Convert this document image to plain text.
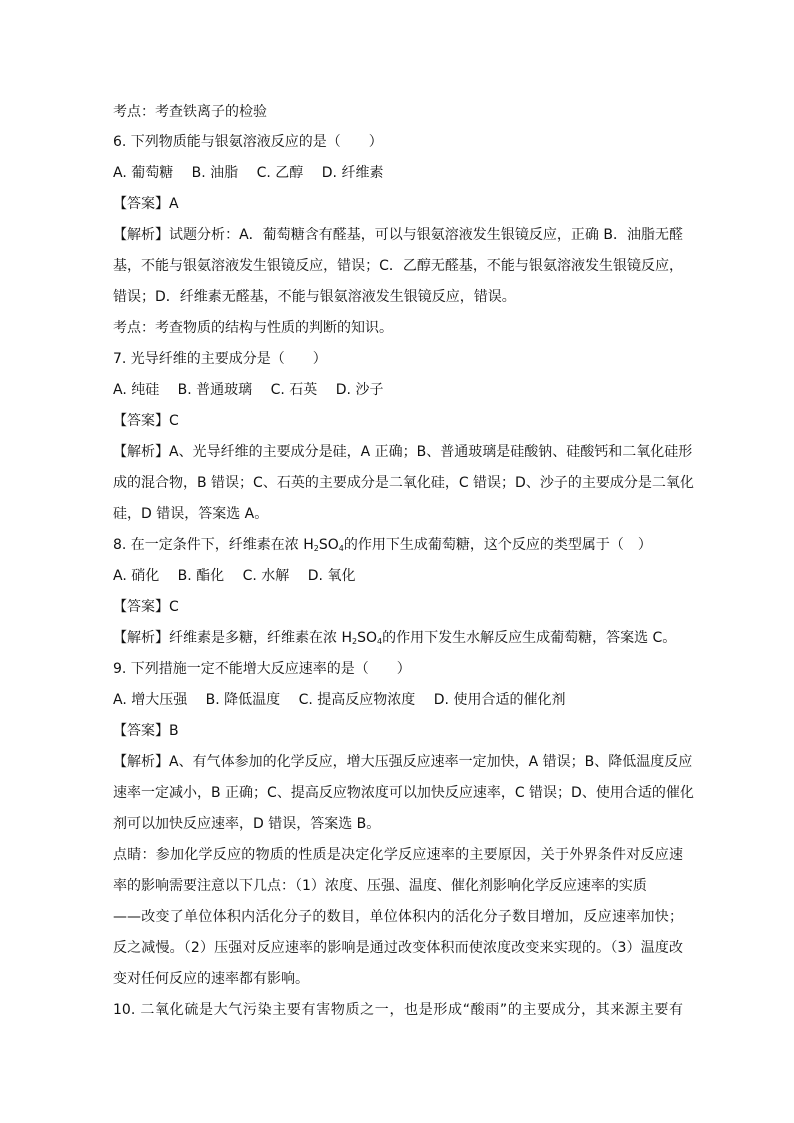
考点：考查铁离子的检验
6. 下列物质能与银氨溶液反应的是（　　）
A. 葡萄糖　 B. 油脂　 C. 乙醇　 D. 纤维素
【答案】A
【解析】试题分析：A．葡萄糖含有醛基，可以与银氨溶液发生银镜反应，正确 B．油脂无醛
基，不能与银氨溶液发生银镜反应，错误；C．乙醇无醛基，不能与银氨溶液发生银镜反应，
错误；D．纤维素无醛基，不能与银氨溶液发生银镜反应，错误。
考点：考查物质的结构与性质的判断的知识。
7. 光导纤维的主要成分是（　　）
A. 纯硅　 B. 普通玻璃　 C. 石英　 D. 沙子
【答案】C
【解析】A、光导纤维的主要成分是硅，A 正确；B、普通玻璃是硅酸钠、硅酸钙和二氧化硅形
成的混合物，B 错误；C、石英的主要成分是二氧化硅，C 错误；D、沙子的主要成分是二氧化
硅，D 错误，答案选 A。
8. 在一定条件下，纤维素在浓 $H_2SO_4$的作用下生成葡萄糖，这个反应的类型属于（　）
A. 硝化　 B. 酯化　 C. 水解　 D. 氧化
【答案】C
【解析】纤维素是多糖，纤维素在浓 $H_2SO_4$的作用下发生水解反应生成葡萄糖，答案选 C。
9. 下列措施一定不能增大反应速率的是（　　）
A. 增大压强　 B. 降低温度　 C. 提高反应物浓度　 D. 使用合适的催化剂
【答案】B
【解析】A、有气体参加的化学反应，增大压强反应速率一定加快，A 错误；B、降低温度反应
速率一定减小，B 正确；C、提高反应物浓度可以加快反应速率，C 错误；D、使用合适的催化
剂可以加快反应速率，D 错误，答案选 B。
点睛：参加化学反应的物质的性质是决定化学反应速率的主要原因，关于外界条件对反应速
率的影响需要注意以下几点：（1）浓度、压强、温度、催化剂影响化学反应速率的实质
——改变了单位体积内活化分子的数目，单位体积内的活化分子数目增加，反应速率加快；
反之减慢。（2）压强对反应速率的影响是通过改变体积而使浓度改变来实现的。（3）温度改
变对任何反应的速率都有影响。
10. 二氧化硫是大气污染主要有害物质之一，也是形成“酸雨”的主要成分，其来源主要有
